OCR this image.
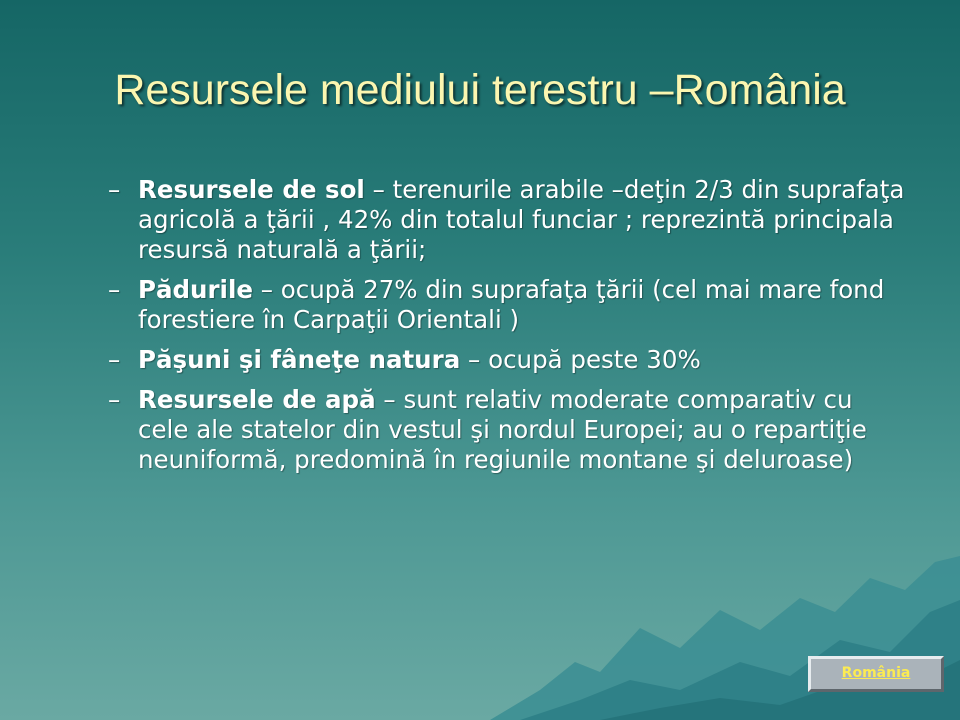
Resursele mediului terestru –România
– Resursele de sol – terenurile arabile –deţin 2/3 din suprafaţa agricolă a ţării , 42% din totalul funciar ; reprezintă principala resursă naturală a ţării;
– Pădurile – ocupă 27% din suprafaţa ţării (cel mai mare fond forestiere în Carpaţii Orientali )
– Păşuni şi fâneţe natura – ocupă peste 30%
– Resursele de apă – sunt relativ moderate comparativ cu cele ale statelor din vestul şi nordul Europei; au o repartiţie neuniformă, predomină în regiunile montane şi deluroase)
România
